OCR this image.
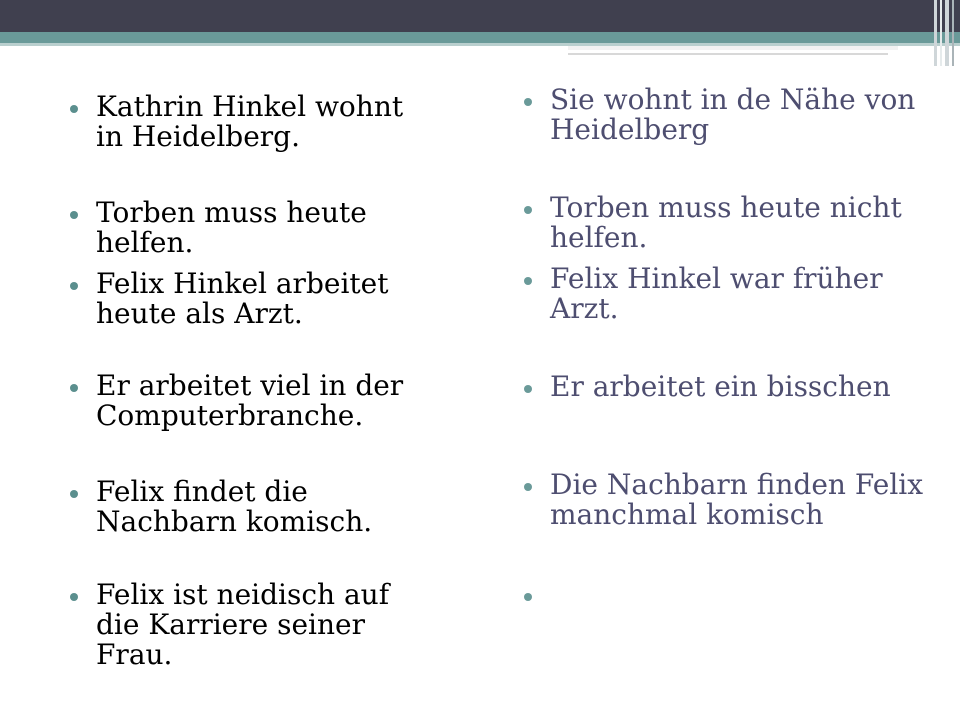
Kathrin Hinkel wohnt in Heidelberg.
Torben muss heute helfen.
Felix Hinkel arbeitet heute als Arzt.
Er arbeitet viel in der Computerbranche.
Felix findet die Nachbarn komisch.
Felix ist neidisch auf die Karriere seiner Frau.
Sie wohnt in de Nähe von Heidelberg
Torben muss heute nicht helfen.
Felix Hinkel war früher Arzt.
Er arbeitet ein bisschen
Die Nachbarn finden Felix manchmal komisch
